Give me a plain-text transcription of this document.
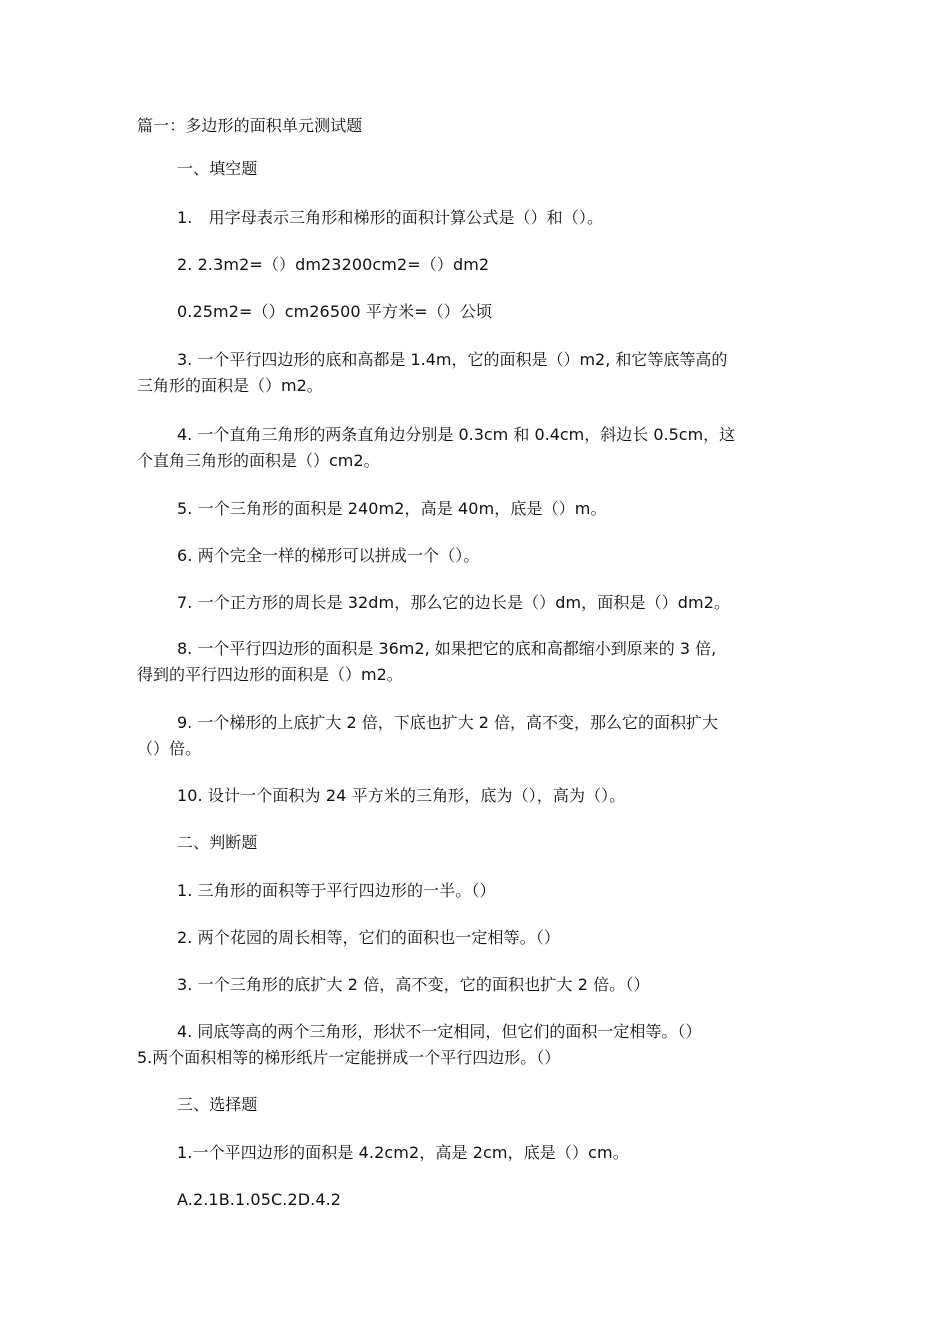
篇一：多边形的面积单元测试题

一、填空题

1.　用字母表示三角形和梯形的面积计算公式是（）和（）。

2. 2.3m2=（）dm23200cm2=（）dm2

0.25m2=（）cm26500 平方米=（）公顷

3. 一个平行四边形的底和高都是 1.4m，它的面积是（）m2, 和它等底等高的
三角形的面积是（）m2。
4. 一个直角三角形的两条直角边分别是 0.3cm 和 0.4cm，斜边长 0.5cm，这
个直角三角形的面积是（）cm2。

5. 一个三角形的面积是 240m2，高是 40m，底是（）m。

6. 两个完全一样的梯形可以拼成一个（）。

7. 一个正方形的周长是 32dm，那么它的边长是（）dm，面积是（）dm2。

8. 一个平行四边形的面积是 36m2, 如果把它的底和高都缩小到原来的 3 倍,
得到的平行四边形的面积是（）m2。
9. 一个梯形的上底扩大 2 倍，下底也扩大 2 倍，高不变，那么它的面积扩大
（）倍。

10. 设计一个面积为 24 平方米的三角形，底为（），高为（）。

二、判断题

1. 三角形的面积等于平行四边形的一半。（）

2. 两个花园的周长相等，它们的面积也一定相等。（）

3. 一个三角形的底扩大 2 倍，高不变，它的面积也扩大 2 倍。（）

4. 同底等高的两个三角形，形状不一定相同，但它们的面积一定相等。（）
5.两个面积相等的梯形纸片一定能拼成一个平行四边形。（）

三、选择题

1.一个平四边形的面积是 4.2cm2，高是 2cm，底是（）cm。

A.2.1B.1.05C.2D.4.2
